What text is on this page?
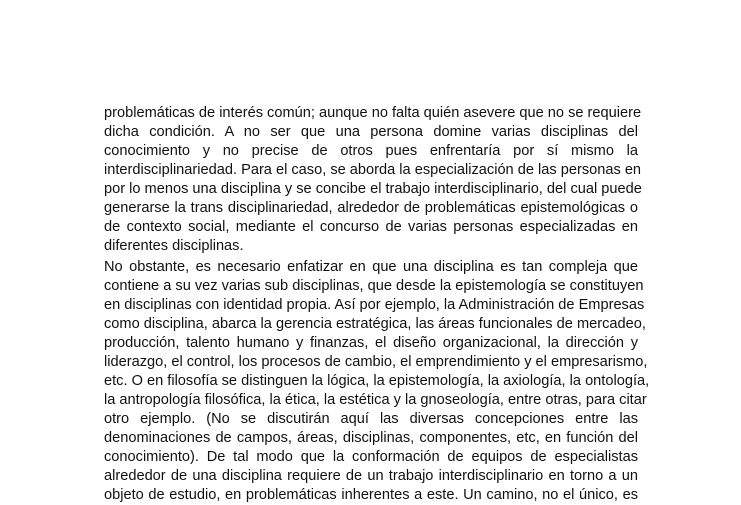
problemáticas de interés común; aunque no falta quién asevere que no se requiere
dicha condición. A no ser que una persona domine varias disciplinas del
conocimiento y no precise de otros pues enfrentaría por sí mismo la
interdisciplinariedad. Para el caso, se aborda la especialización de las personas en
por lo menos una disciplina y se concibe el trabajo interdisciplinario, del cual puede
generarse la trans disciplinariedad, alrededor de problemáticas epistemológicas o
de contexto social, mediante el concurso de varias personas especializadas en
diferentes disciplinas.
No obstante, es necesario enfatizar en que una disciplina es tan compleja que
contiene a su vez varias sub disciplinas, que desde la epistemología se constituyen
en disciplinas con identidad propia. Así por ejemplo, la Administración de Empresas
como disciplina, abarca la gerencia estratégica, las áreas funcionales de mercadeo,
producción, talento humano y finanzas, el diseño organizacional, la dirección y
liderazgo, el control, los procesos de cambio, el emprendimiento y el empresarismo,
etc. O en filosofía se distinguen la lógica, la epistemología, la axiología, la ontología,
la antropología filosófica, la ética, la estética y la gnoseología, entre otras, para citar
otro ejemplo. (No se discutirán aquí las diversas concepciones entre las
denominaciones de campos, áreas, disciplinas, componentes, etc, en función del
conocimiento). De tal modo que la conformación de equipos de especialistas
alrededor de una disciplina requiere de un trabajo interdisciplinario en torno a un
objeto de estudio, en problemáticas inherentes a este. Un camino, no el único, es
